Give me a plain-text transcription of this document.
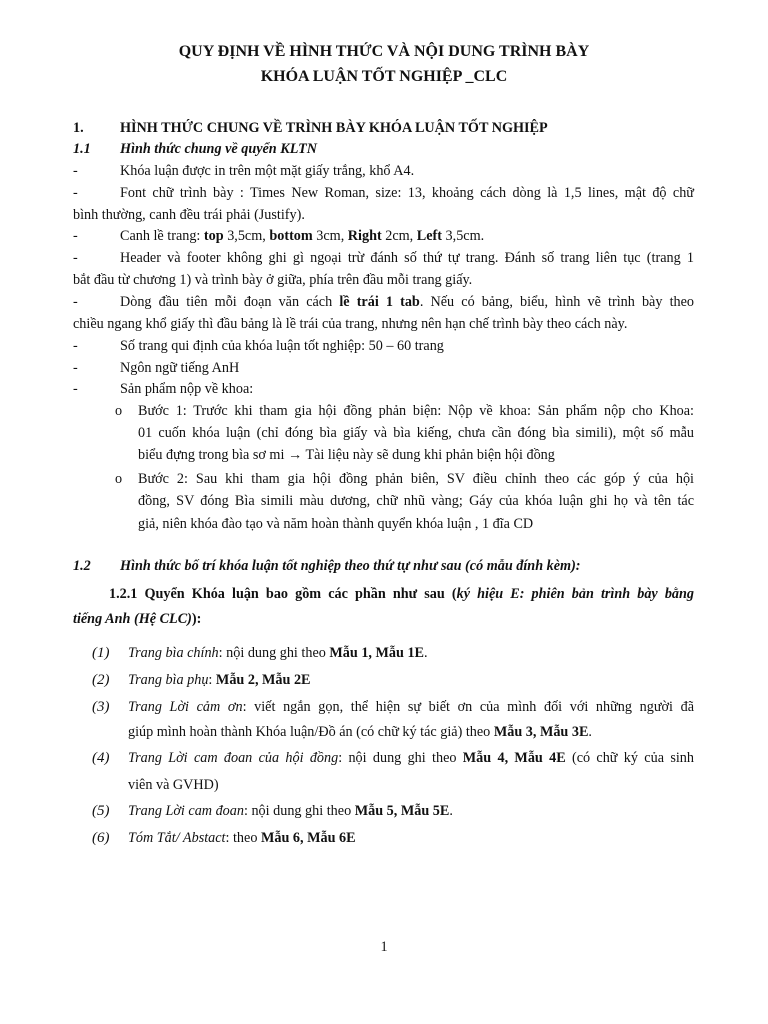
QUY ĐỊNH VỀ HÌNH THỨC VÀ NỘI DUNG TRÌNH BÀY
KHÓA LUẬN TỐT NGHIỆP _CLC
1.	HÌNH THỨC CHUNG VỀ TRÌNH BÀY KHÓA LUẬN TỐT NGHIỆP
1.1 Hình thức chung về quyển KLTN
-	Khóa luận được in trên một mặt giấy trắng, khổ A4.
-	Font chữ trình bày : Times New Roman, size: 13, khoảng cách dòng là 1,5 lines, mật độ chữ
bình thường, canh đều trái phải (Justify).
-	Canh lề trang: top 3,5cm, bottom 3cm, Right 2cm, Left 3,5cm.
-	Header và footer không ghi gì ngoại trừ đánh số thứ tự trang. Đánh số trang liên tục (trang 1
bắt đầu từ chương 1) và trình bày ở giữa, phía trên đầu mỗi trang giấy.
-	Dòng đầu tiên mỗi đoạn văn cách lề trái 1 tab. Nếu có bảng, biểu, hình vẽ trình bày theo
chiều ngang khổ giấy thì đầu bảng là lề trái của trang, nhưng nên hạn chế trình bày theo cách này.
-	Số trang qui định của khóa luận tốt nghiệp: 50 – 60 trang
-	Ngôn ngữ tiếng AnH
-	Sản phẩm nộp về khoa:
o Bước 1: Trước khi tham gia hội đồng phản biện: Nộp về khoa: Sản phẩm nộp cho Khoa:
01 cuốn khóa luận (chỉ đóng bìa giấy và bìa kiếng, chưa cần đóng bìa simili), một số mẫu
biểu đựng trong bìa sơ mi → Tài liệu này sẽ dung khi phản biện hội đồng
o Bước 2: Sau khi tham gia hội đồng phản biên, SV điều chỉnh theo các góp ý của hội
đồng, SV đóng Bìa simili màu dương, chữ nhũ vàng; Gáy của khóa luận ghi họ và tên tác
giả, niên khóa đào tạo và năm hoàn thành quyển khóa luận , 1 đĩa CD
1.2 Hình thức bố trí khóa luận tốt nghiệp theo thứ tự như sau (có mẫu đính kèm):
1.2.1 Quyển Khóa luận bao gồm các phần như sau (ký hiệu E: phiên bản trình bày bằng
tiếng Anh (Hệ CLC)):
(1) Trang bìa chính: nội dung ghi theo Mẫu 1, Mẫu 1E.
(2) Trang bìa phụ: Mẫu 2, Mẫu 2E
(3) Trang Lời cảm ơn: viết ngắn gọn, thể hiện sự biết ơn của mình đối với những người đã
giúp mình hoàn thành Khóa luận/Đồ án (có chữ ký tác giả) theo Mẫu 3, Mẫu 3E.
(4) Trang Lời cam đoan của hội đồng: nội dung ghi theo Mẫu 4, Mẫu 4E (có chữ ký của sinh
viên và GVHD)
(5) Trang Lời cam đoan: nội dung ghi theo Mẫu 5, Mẫu 5E.
(6) Tóm Tắt/ Abstact: theo Mẫu 6, Mẫu 6E
1
